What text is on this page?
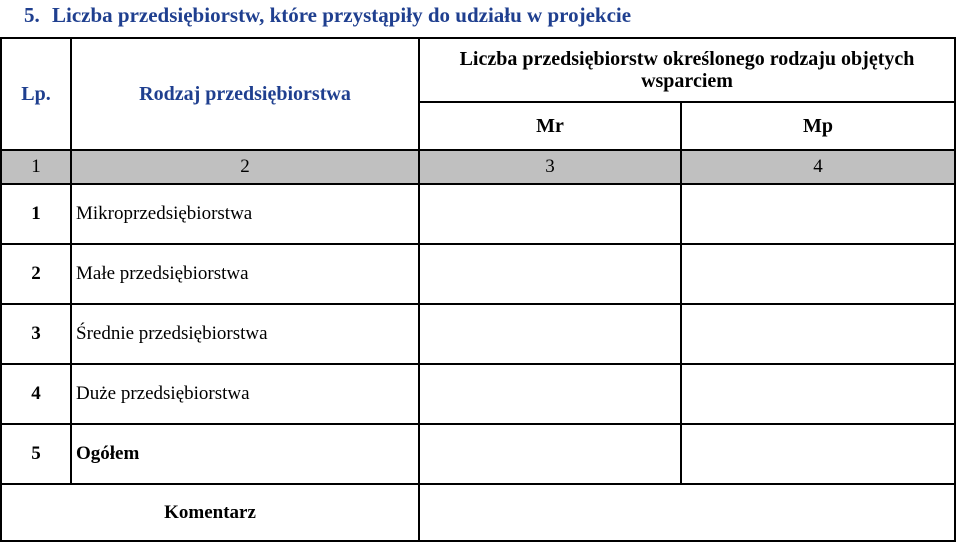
5. Liczba przedsiębiorstw, które przystąpiły do udziału w projekcie
Lp.	Rodzaj przedsiębiorstwa
Liczba przedsiębiorstw określonego rodzaju objętych wsparciem
Mr	Mp
1	2	3	4
1	Mikroprzedsiębiorstwa
2	Małe przedsiębiorstwa
3	Średnie przedsiębiorstwa
4	Duże przedsiębiorstwa
5	Ogółem
Komentarz
